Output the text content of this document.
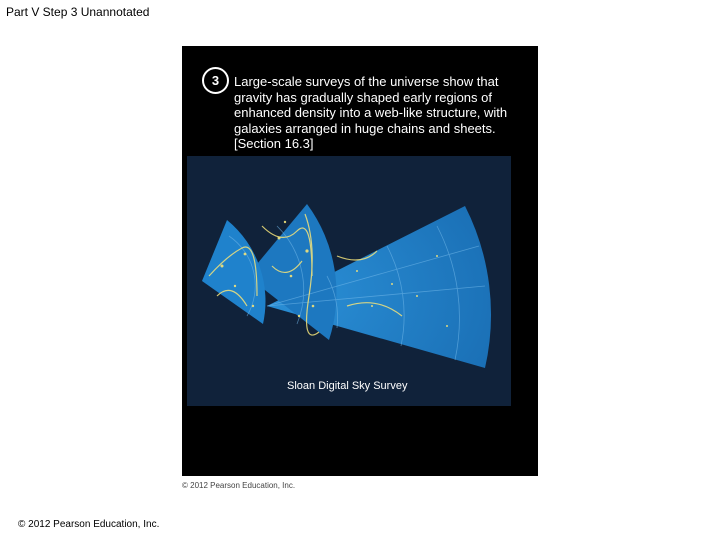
Part V Step 3 Unannotated
3	Large-scale surveys of the universe show that gravity has gradually shaped early regions of enhanced density into a web-like structure, with galaxies arranged in huge chains and sheets. [Section 16.3]
Sloan Digital Sky Survey
© 2012 Pearson Education, Inc.
© 2012 Pearson Education, Inc.
